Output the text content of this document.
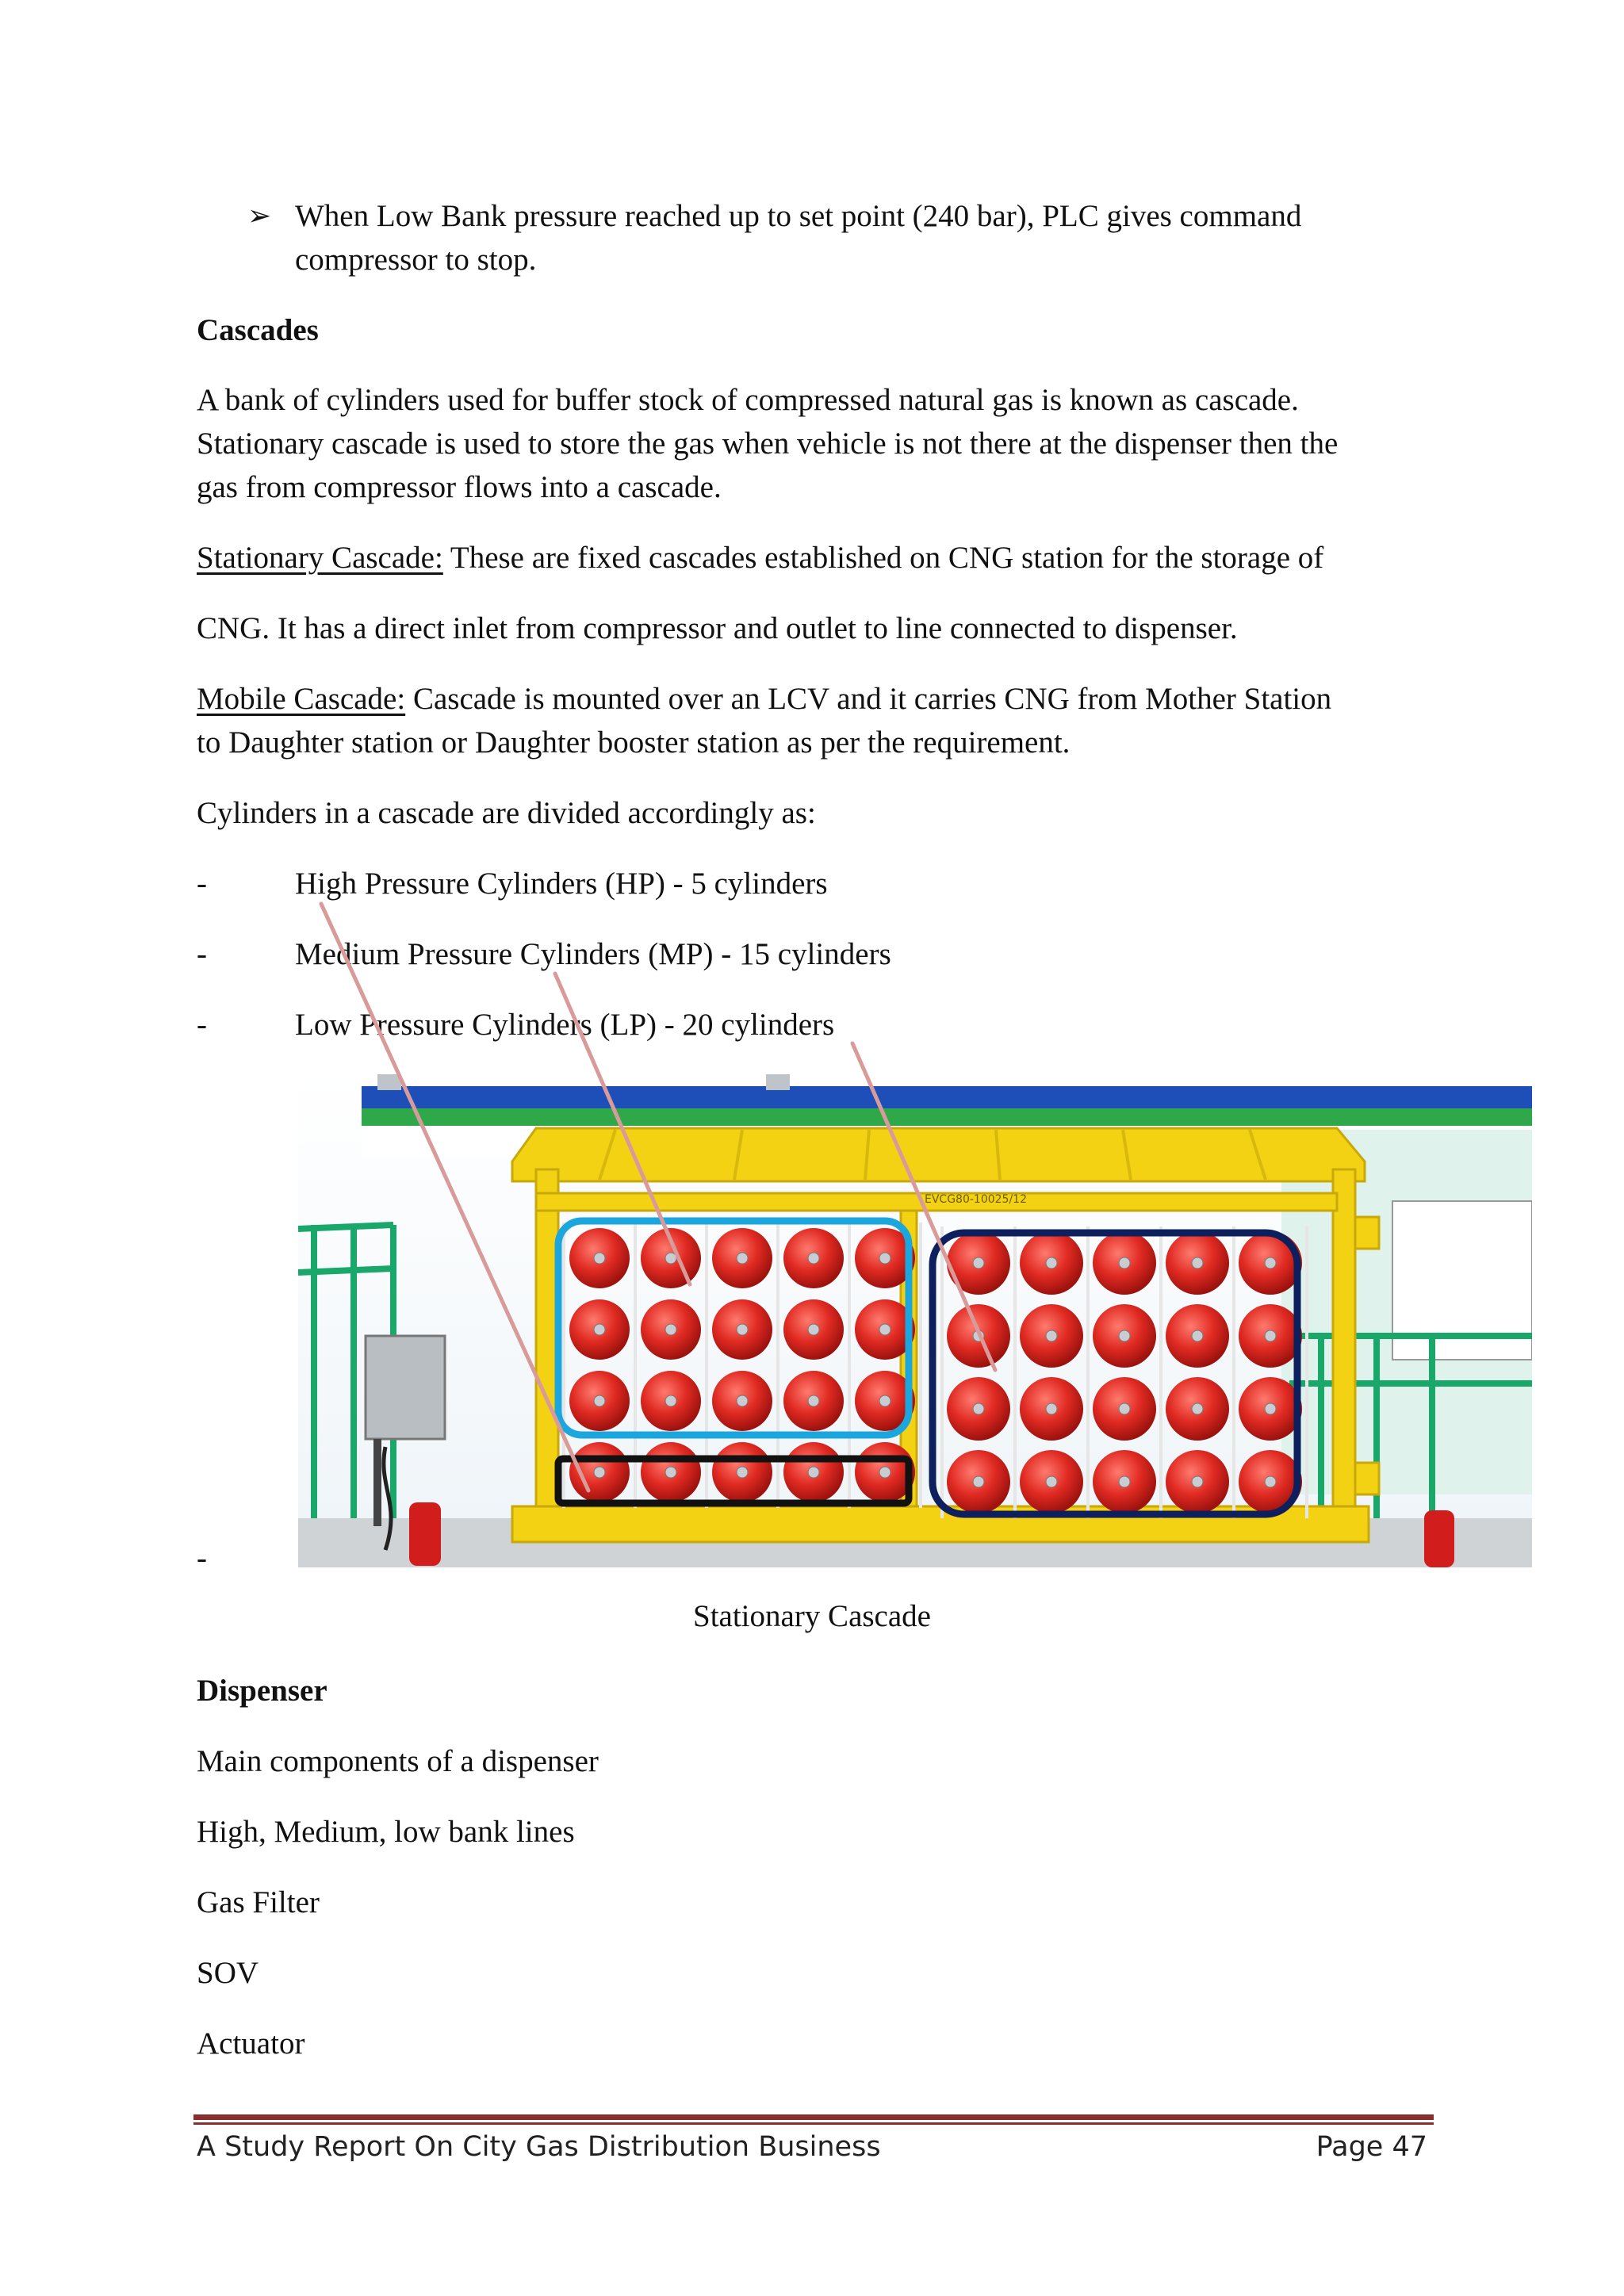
➢ When Low Bank pressure reached up to set point (240 bar), PLC gives command
compressor to stop.
Cascades
A bank of cylinders used for buffer stock of compressed natural gas is known as cascade.
Stationary cascade is used to store the gas when vehicle is not there at the dispenser then the
gas from compressor flows into a cascade.
Stationary Cascade: These are fixed cascades established on CNG station for the storage of
CNG. It has a direct inlet from compressor and outlet to line connected to dispenser.
Mobile Cascade: Cascade is mounted over an LCV and it carries CNG from Mother Station
to Daughter station or Daughter booster station as per the requirement.
Cylinders in a cascade are divided accordingly as:
-	High Pressure Cylinders (HP) - 5 cylinders
-	Medium Pressure Cylinders (MP) - 15 cylinders
-	Low Pressure Cylinders (LP) - 20 cylinders
EVCG80-10025/12
-
Stationary Cascade
Dispenser
Main components of a dispenser
High, Medium, low bank lines
Gas Filter
SOV
Actuator
A Study Report On City Gas Distribution Business	Page 47
